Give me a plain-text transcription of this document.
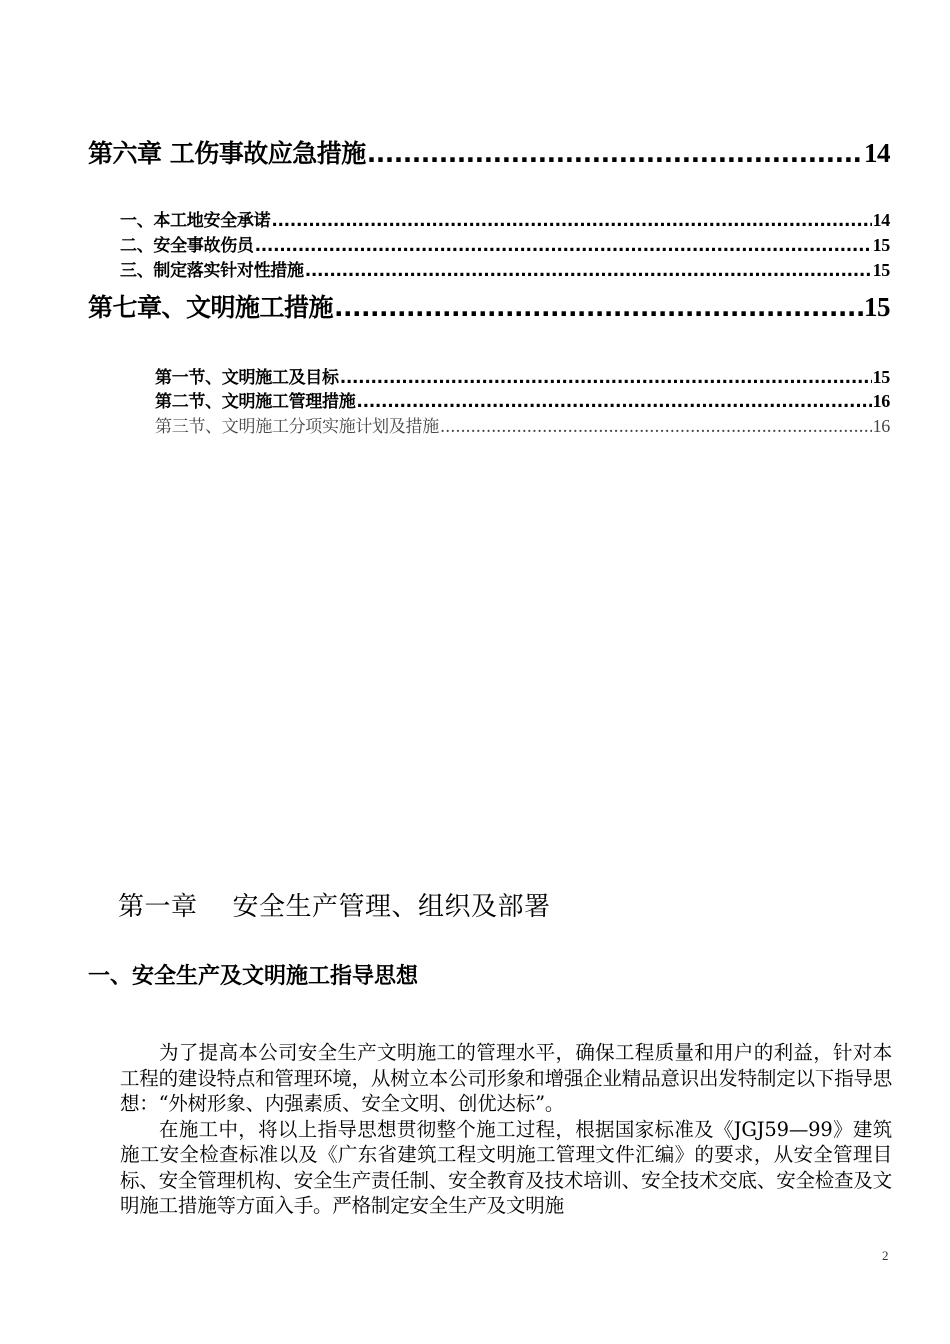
第六章 工伤事故应急措施 .....	14
一、本工地安全承诺 .....	14
二、安全事故伤员 .....	15
三、制定落实针对性措施 .....	15
第七章、文明施工措施 .....	15
第一节、文明施工及目标 .....	15
第二节、文明施工管理措施 .....	16
第三节、文明施工分项实施计划及措施 .....	16
第一章    安全生产管理、组织及部署
一、安全生产及文明施工指导思想

为了提高本公司安全生产文明施工的管理水平，确保工程质量和用户的利益，针对本工程的建设特点和管理环境，从树立本公司形象和增强企业精品意识出发特制定以下指导思想：“外树形象、内强素质、安全文明、创优达标”。

在施工中，将以上指导思想贯彻整个施工过程，根据国家标准及《JGJ59—99》建筑施工安全检查标准以及《广东省建筑工程文明施工管理文件汇编》的要求，从安全管理目标、安全管理机构、安全生产责任制、安全教育及技术培训、安全技术交底、安全检查及文明施工措施等方面入手。严格制定安全生产及文明施

2
